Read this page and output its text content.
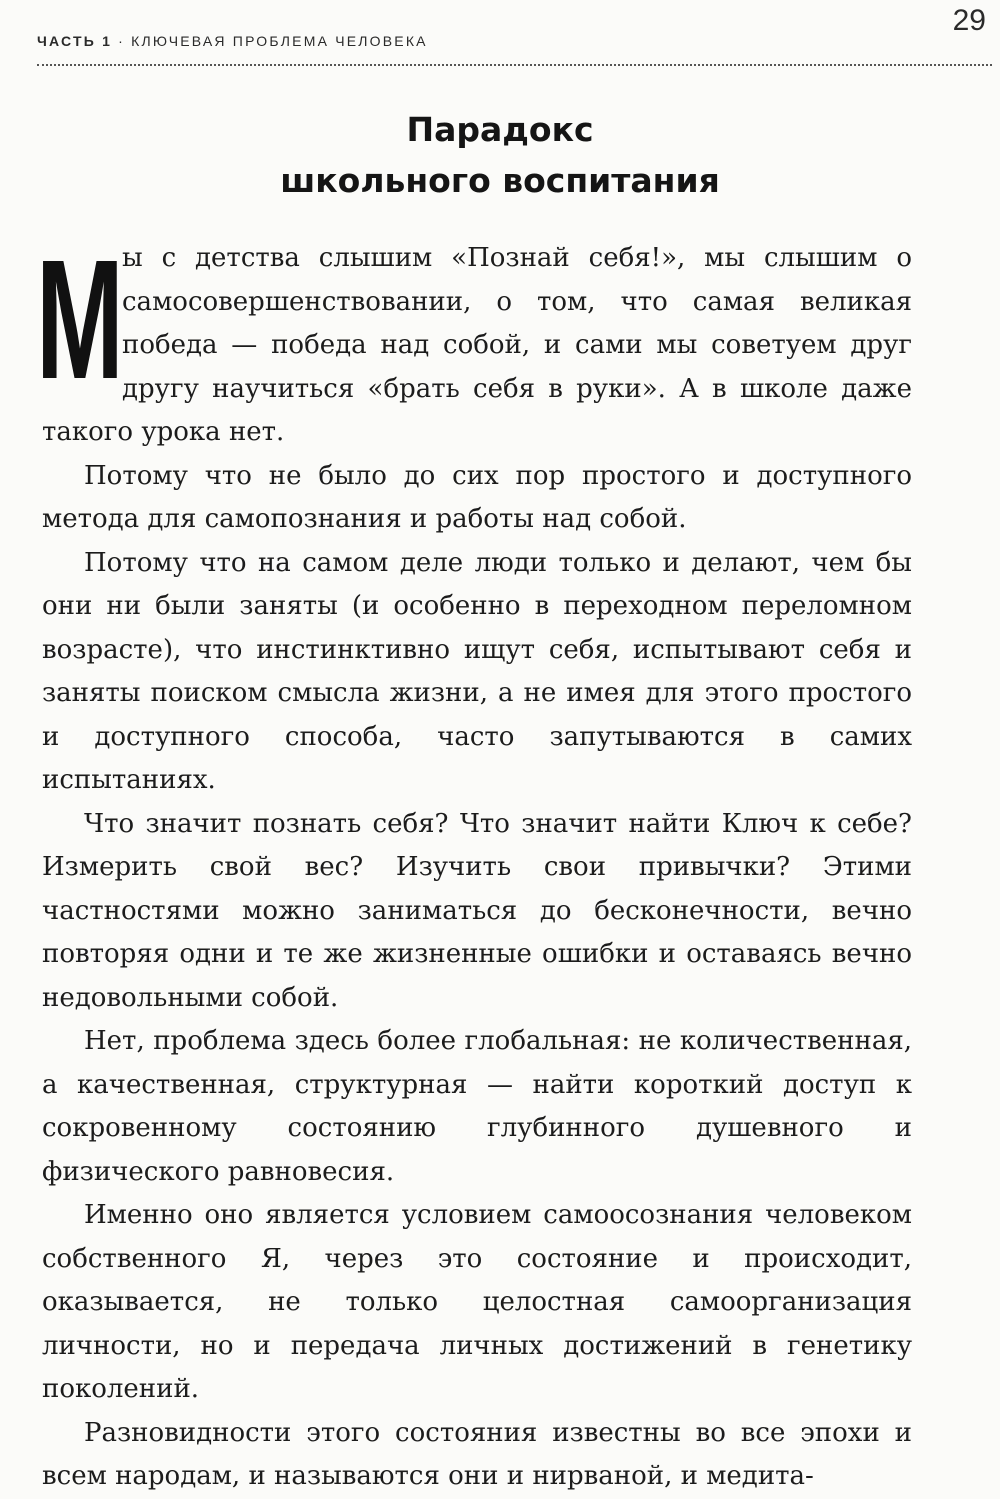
ЧАСТЬ 1 · КЛЮЧЕВАЯ ПРОБЛЕМА ЧЕЛОВЕКА
29
Парадокс
школьного воспитания

М
ы с детства слышим «Познай себя!», мы слышим о самосовершенствовании, о том, что самая великая победа — победа над собой, и сами мы советуем друг другу научиться «брать себя в руки». А в школе даже такого урока нет.

Потому что не было до сих пор простого и доступного метода для самопознания и работы над собой.

Потому что на самом деле люди только и делают, чем бы они ни были заняты (и особенно в переходном переломном возрасте), что инстинктивно ищут себя, испытывают себя и заняты поиском смысла жизни, а не имея для этого простого и доступного способа, часто запутываются в самих испытаниях.

Что значит познать себя? Что значит найти Ключ к себе? Измерить свой вес? Изучить свои привычки? Этими частностями можно заниматься до бесконечности, вечно повторяя одни и те же жизненные ошибки и оставаясь вечно недовольными собой.

Нет, проблема здесь более глобальная: не количественная, а качественная, структурная — найти короткий доступ к сокровенному состоянию глубинного душевного и физического равновесия.

Именно оно является условием самоосознания человеком собственного Я, через это состояние и происходит, оказывается, не только целостная самоорганизация личности, но и передача личных достижений в генетику поколений.

Разновидности этого состояния известны во все эпохи и всем народам, и называются они и нирваной, и медита-
